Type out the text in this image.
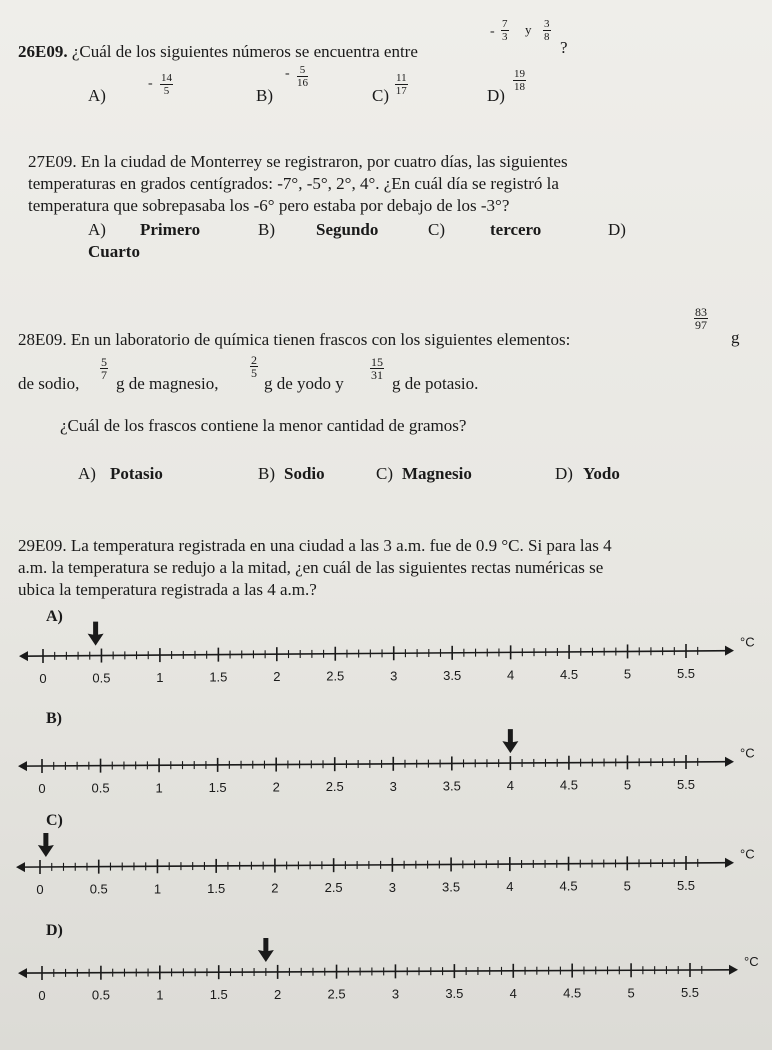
26E09. ¿Cuál de los siguientes números se encuentra entre
- $\frac{7}{3}$ y $\frac{3}{8}$
?
A)
- $\frac{14}{5}$	B)
- $\frac{5}{16}$
$C) \frac{11}{17}$	D)
$\frac{19}{18}$
27E09. En la ciudad de Monterrey se registraron, por cuatro días, las siguientes
temperaturas en grados centígrados: -7°, -5°, 2°, 4°. ¿En cuál día se registró la
temperatura que sobrepasaba los -6° pero estaba por debajo de los -3°?
A) Primero	B) Segundo	C)	tercero	D)
Cuarto
28E09. En un laboratorio de química tienen frascos con los siguientes elementos:
$\frac{83}{97}$
g
de sodio,
$\frac{5}{7}$
g de magnesio,
$\frac{2}{5}$
g de yodo y
$\frac{15}{31}$
g de potasio.
¿Cuál de los frascos contiene la menor cantidad de gramos?
A) Potasio	B) Sodio	C) Magnesio	D) Yodo
29E09. La temperatura registrada en una ciudad a las 3 a.m. fue de 0.9 °C. Si para las 4
a.m. la temperatura se redujo a la mitad, ¿en cuál de las siguientes rectas numéricas se
ubica la temperatura registrada a las 4 a.m.?
A)
B)
C)
D)
0	0.5	1	1.5	2	2.5	3	3.5	4	4.5	5	5.5
°C
0	0.5	1	1.5	2	2.5	3	3.5	4	4.5	5	5.5
°C
0	0.5	1	1.5	2	2.5	3	3.5	4	4.5	5	5.5
°C
0	0.5	1	1.5	2	2.5	3	3.5	4	4.5	5	5.5
°C
